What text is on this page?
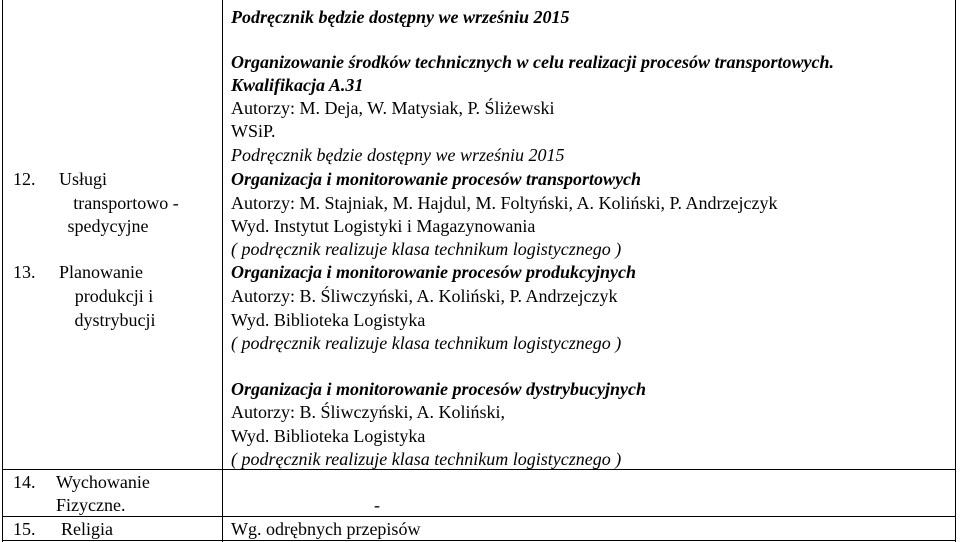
Podręcznik będzie dostępny we wrześniu 2015
Organizowanie środków technicznych w celu realizacji procesów transportowych.
Kwalifikacja A.31
Autorzy: M. Deja, W. Matysiak, P. Śliżewski
WSiP.
Podręcznik będzie dostępny we wrześniu 2015
12. Usługi
transportowo -
spedycyjne
Organizacja i monitorowanie procesów transportowych
Autorzy: M. Stajniak, M. Hajdul, M. Foltyński, A. Koliński, P. Andrzejczyk
Wyd. Instytut Logistyki i Magazynowania
( podręcznik realizuje klasa technikum logistycznego )
13. Planowanie
produkcji i
dystrybucji
Organizacja i monitorowanie procesów produkcyjnych
Autorzy: B. Śliwczyński, A. Koliński, P. Andrzejczyk
Wyd. Biblioteka Logistyka
( podręcznik realizuje klasa technikum logistycznego )
Organizacja i monitorowanie procesów dystrybucyjnych
Autorzy: B. Śliwczyński, A. Koliński,
Wyd. Biblioteka Logistyka
( podręcznik realizuje klasa technikum logistycznego )
14. Wychowanie
Fizyczne.	-
15. Religia	Wg. odrębnych przepisów
